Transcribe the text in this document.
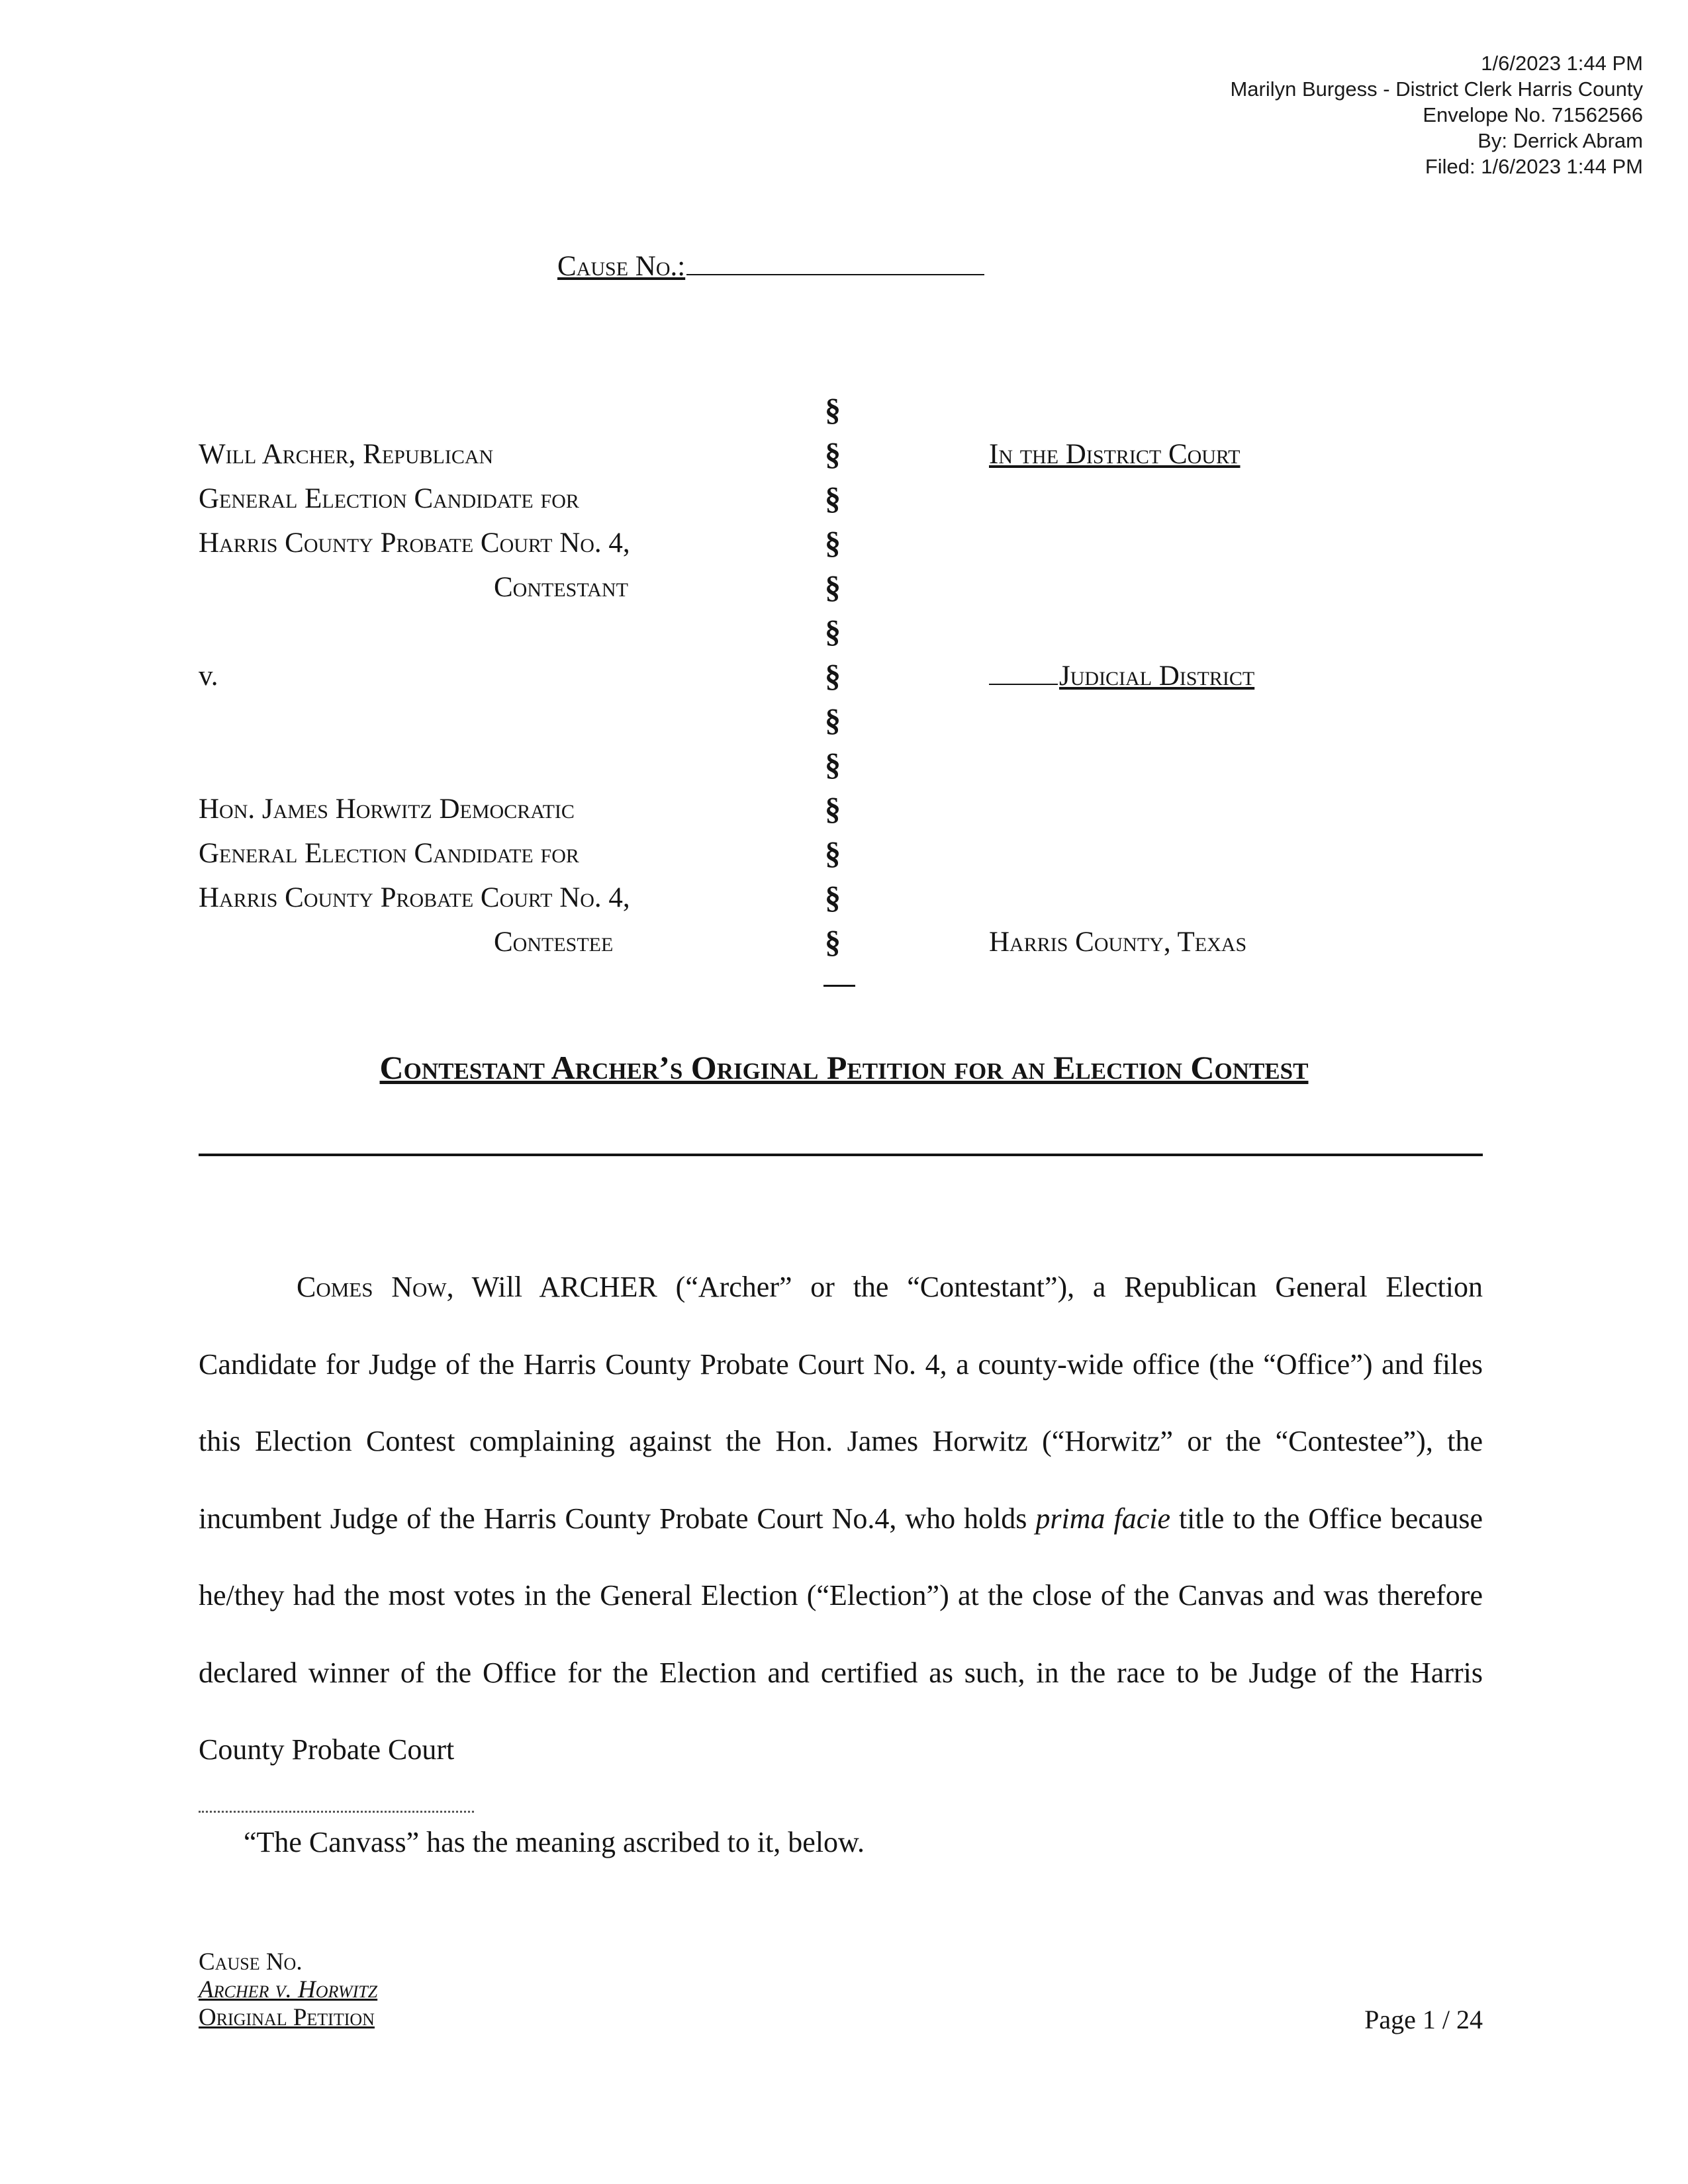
1/6/2023 1:44 PM
Marilyn Burgess - District Clerk Harris County
Envelope No. 71562566
By: Derrick Abram
Filed: 1/6/2023 1:44 PM
Cause No.:
Will Archer, Republican
General Election Candidate for
Harris County Probate Court No. 4,
Contestant
v.
Hon. James Horwitz Democratic
General Election Candidate for
Harris County Probate Court No. 4,
Contestee
§
§
§
§
§
§
§
§
§
§
§
§
§
In the District Court
Judicial District
Harris County, Texas
Contestant Archer’s Original Petition for an Election Contest
Comes Now, Will ARCHER (“Archer” or the “Contestant”), a Republican General Election Candidate for Judge of the Harris County Probate Court No. 4, a county-wide office (the “Office”) and files this Election Contest complaining against the Hon. James Horwitz (“Horwitz” or the “Contestee”), the incumbent Judge of the Harris County Probate Court No.4, who holds prima facie title to the Office because he/they had the most votes in the General Election (“Election”) at the close of the Canvas and was therefore declared winner of the Office for the Election and certified as such, in the race to be Judge of the Harris County Probate Court
“The Canvass” has the meaning ascribed to it, below.
Cause No.
Archer v. Horwitz
Original Petition	Page 1 / 24
